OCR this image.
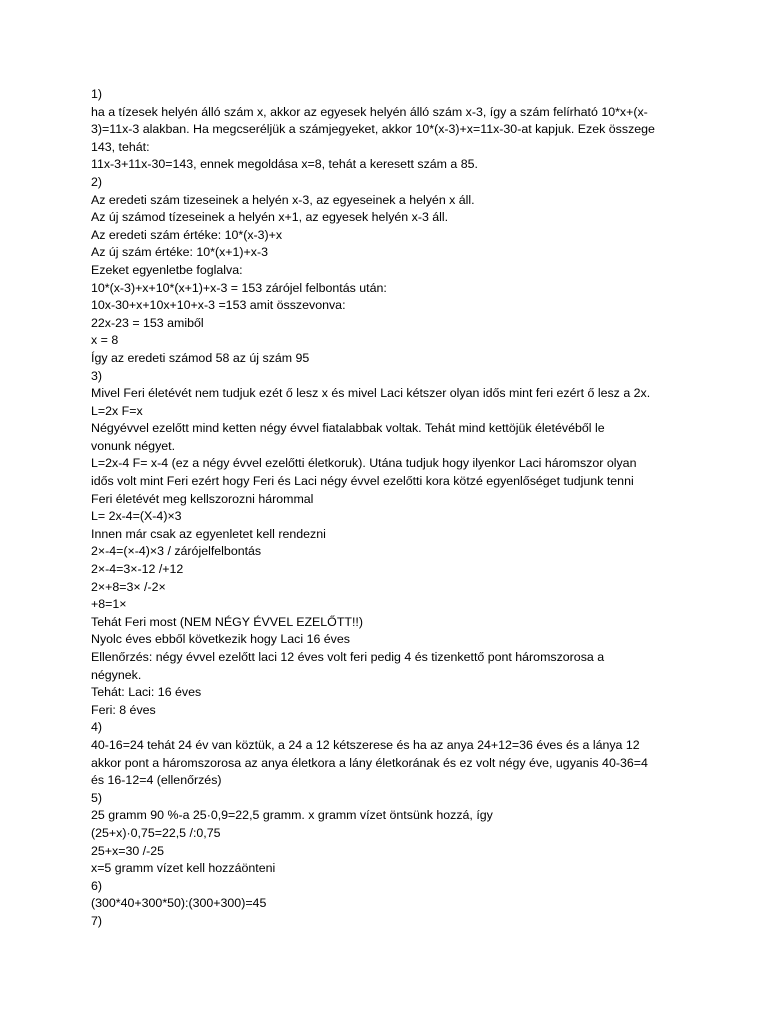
1)
ha a tízesek helyén álló szám x, akkor az egyesek helyén álló szám x-3, így a szám felírható 10*x+(x-
3)=11x-3 alakban. Ha megcseréljük a számjegyeket, akkor 10*(x-3)+x=11x-30-at kapjuk. Ezek összege
143, tehát:
11x-3+11x-30=143, ennek megoldása x=8, tehát a keresett szám a 85.
2)
Az eredeti szám tizeseinek a helyén x-3, az egyeseinek a helyén x áll.
Az új számod tízeseinek a helyén x+1, az egyesek helyén x-3 áll.
Az eredeti szám értéke: 10*(x-3)+x
Az új szám értéke: 10*(x+1)+x-3
Ezeket egyenletbe foglalva:
10*(x-3)+x+10*(x+1)+x-3 = 153 zárójel felbontás után:
10x-30+x+10x+10+x-3 =153 amit összevonva:
22x-23 = 153 amiből
x = 8
Így az eredeti számod 58 az új szám 95
3)
Mivel Feri életévét nem tudjuk ezét ő lesz x és mivel Laci kétszer olyan idős mint feri ezért ő lesz a 2x.
L=2x F=x
Négyévvel ezelőtt mind ketten négy évvel fiatalabbak voltak. Tehát mind kettöjük életévéből le
vonunk négyet.
L=2x-4 F= x-4 (ez a négy évvel ezelőtti életkoruk). Utána tudjuk hogy ilyenkor Laci háromszor olyan
idős volt mint Feri ezért hogy Feri és Laci négy évvel ezelőtti kora kötzé egyenlőséget tudjunk tenni
Feri életévét meg kellszorozni hárommal
L= 2x-4=(X-4)×3
Innen már csak az egyenletet kell rendezni
2×-4=(×-4)×3 / zárójelfelbontás
2×-4=3×-12 /+12
2×+8=3× /-2×
+8=1×
Tehát Feri most (NEM NÉGY ÉVVEL EZELŐTT!!)
Nyolc éves ebből következik hogy Laci 16 éves
Ellenőrzés: négy évvel ezelőtt laci 12 éves volt feri pedig 4 és tizenkettő pont háromszorosa a
négynek.
Tehát: Laci: 16 éves
Feri: 8 éves
4)
40-16=24 tehát 24 év van köztük, a 24 a 12 kétszerese és ha az anya 24+12=36 éves és a lánya 12
akkor pont a háromszorosa az anya életkora a lány életkorának és ez volt négy éve, ugyanis 40-36=4
és 16-12=4 (ellenőrzés)
5)
25 gramm 90 %-a 25·0,9=22,5 gramm. x gramm vízet öntsünk hozzá, így
(25+x)·0,75=22,5 /:0,75
25+x=30 /-25
x=5 gramm vízet kell hozzáönteni
6)
(300*40+300*50):(300+300)=45
7)
